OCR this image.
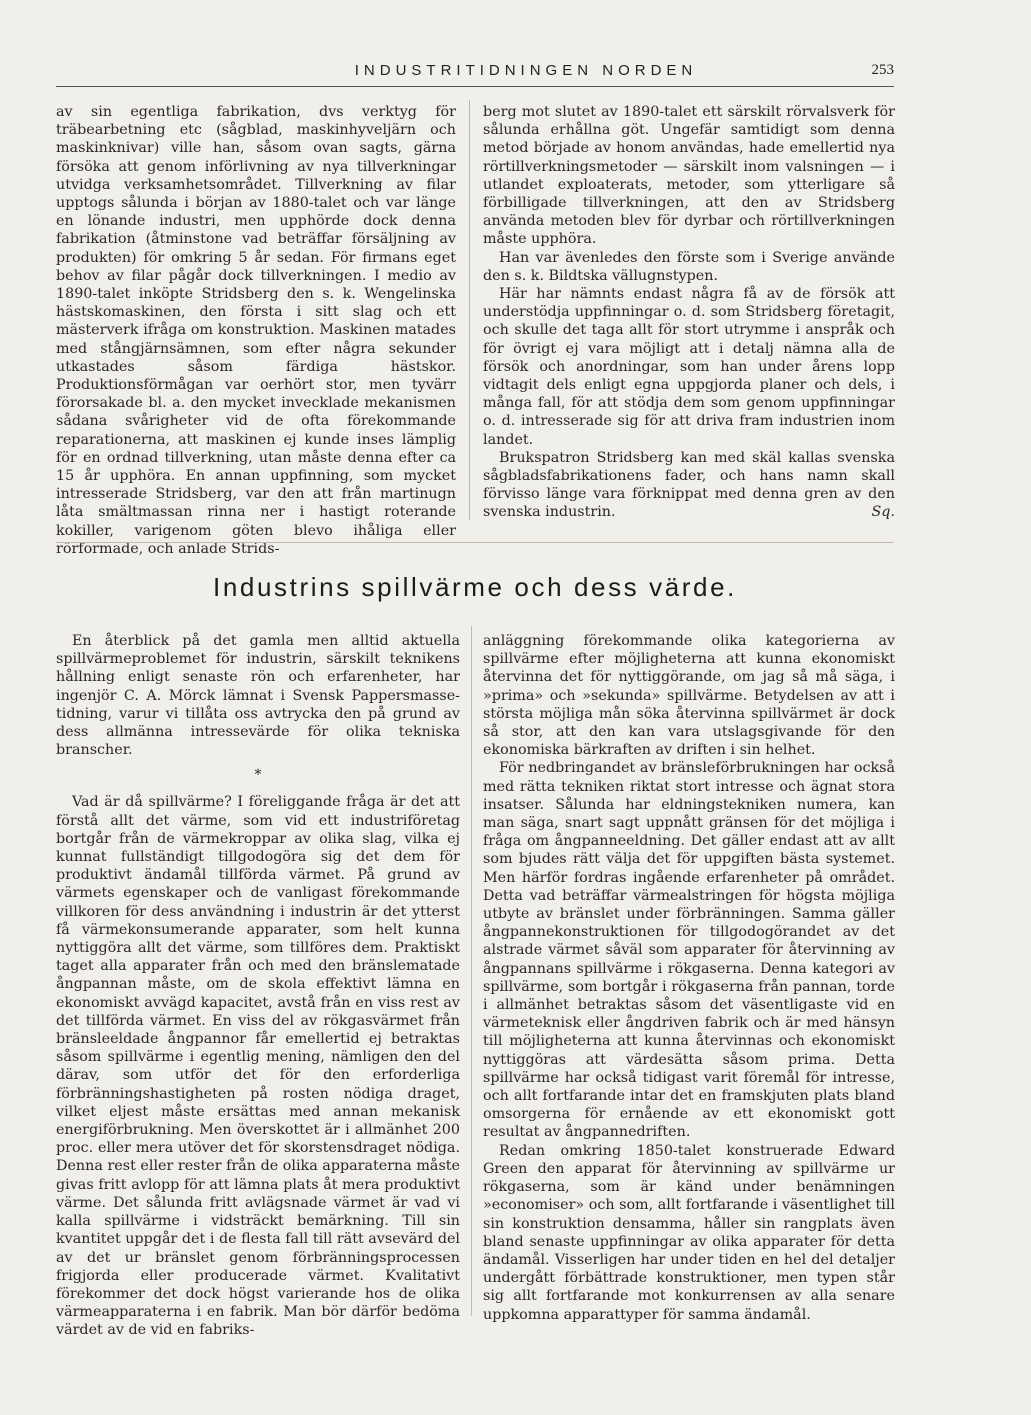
INDUSTRITIDNINGEN NORDEN	253

av sin egentliga fabrikation, dvs verktyg för träbearbetning etc (sågblad, maskinhyveljärn och maskinknivar) ville han, såsom ovan sagts, gärna försöka att genom införlivning av nya tillverkningar utvidga verksamhetsområdet. Tillverkning av filar upptogs sålunda i början av 1880-talet och var länge en lönande industri, men upphörde dock denna fabrikation (åtminstone vad beträffar försäljning av produkten) för omkring 5 år sedan. För firmans eget behov av filar pågår dock tillverkningen. I medio av 1890-talet inköpte Stridsberg den s. k. Wengelinska hästskomaskinen, den första i sitt slag och ett mästerverk ifråga om konstruktion. Maskinen matades med stångjärnsämnen, som efter några sekunder utkastades såsom färdiga hästskor. Produktionsförmågan var oerhört stor, men tyvärr förorsakade bl. a. den mycket invecklade mekanismen sådana svårigheter vid de ofta förekommande reparationerna, att maskinen ej kunde inses lämplig för en ordnad tillverkning, utan måste denna efter ca 15 år upphöra. En annan uppfinning, som mycket intresserade Stridsberg, var den att från martinugn låta smältmassan rinna ner i hastigt roterande kokiller, varigenom göten blevo ihåliga eller rörformade, och anlade Strids-

berg mot slutet av 1890-talet ett särskilt rörvalsverk för sålunda erhållna göt. Ungefär samtidigt som denna metod började av honom användas, hade emellertid nya rörtillverkningsmetoder — särskilt inom valsningen — i utlandet exploaterats, metoder, som ytterligare så förbilligade tillverkningen, att den av Stridsberg använda metoden blev för dyrbar och rörtillverkningen måste upphöra.

Han var ävenledes den förste som i Sverige använde den s. k. Bildtska vällugnstypen.

Här har nämnts endast några få av de försök att understödja uppfinningar o. d. som Stridsberg företagit, och skulle det taga allt för stort utrymme i anspråk och för övrigt ej vara möjligt att i detalj nämna alla de försök och anordningar, som han under årens lopp vidtagit dels enligt egna uppgjorda planer och dels, i många fall, för att stödja dem som genom uppfinningar o. d. intresserade sig för att driva fram industrien inom landet.

Brukspatron Stridsberg kan med skäl kallas svenska sågbladsfabrikationens fader, och hans namn skall förvisso länge vara förknippat med denna gren av den svenska industrin.	Sq.

Industrins spillvärme och dess värde.

En återblick på det gamla men alltid aktuella spillvärmeproblemet för industrin, särskilt teknikens hållning enligt senaste rön och erfarenheter, har ingenjör C. A. Mörck lämnat i Svensk Pappersmasse-tidning, varur vi tillåta oss avtrycka den på grund av dess allmänna intressevärde för olika tekniska branscher.

*

Vad är då spillvärme? I föreliggande fråga är det att förstå allt det värme, som vid ett industriföretag bortgår från de värmekroppar av olika slag, vilka ej kunnat fullständigt tillgodogöra sig det dem för produktivt ändamål tillförda värmet. På grund av värmets egenskaper och de vanligast förekommande villkoren för dess användning i industrin är det ytterst få värmekonsumerande apparater, som helt kunna nyttiggöra allt det värme, som tillföres dem. Praktiskt taget alla apparater från och med den bränslematade ångpannan måste, om de skola effektivt lämna en ekonomiskt avvägd kapacitet, avstå från en viss rest av det tillförda värmet. En viss del av rökgasvärmet från bränsleeldade ångpannor får emellertid ej betraktas såsom spillvärme i egentlig mening, nämligen den del därav, som utför det för den erforderliga förbränningshastigheten på rosten nödiga draget, vilket eljest måste ersättas med annan mekanisk energiförbrukning. Men överskottet är i allmänhet 200 proc. eller mera utöver det för skorstensdraget nödiga. Denna rest eller rester från de olika apparaterna måste givas fritt avlopp för att lämna plats åt mera produktivt värme. Det sålunda fritt avlägsnade värmet är vad vi kalla spillvärme i vidsträckt bemärkning. Till sin kvantitet uppgår det i de flesta fall till rätt avsevärd del av det ur bränslet genom förbränningsprocessen frigjorda eller producerade värmet. Kvalitativt förekommer det dock högst varierande hos de olika värmeapparaterna i en fabrik. Man bör därför bedöma värdet av de vid en fabriks-

anläggning förekommande olika kategorierna av spillvärme efter möjligheterna att kunna ekonomiskt återvinna det för nyttiggörande, om jag så må säga, i »prima» och »sekunda» spillvärme. Betydelsen av att i största möjliga mån söka återvinna spillvärmet är dock så stor, att den kan vara utslagsgivande för den ekonomiska bärkraften av driften i sin helhet.

För nedbringandet av bränsleförbrukningen har också med rätta tekniken riktat stort intresse och ägnat stora insatser. Sålunda har eldningstekniken numera, kan man säga, snart sagt uppnått gränsen för det möjliga i fråga om ångpanneeldning. Det gäller endast att av allt som bjudes rätt välja det för uppgiften bästa systemet. Men härför fordras ingående erfarenheter på området. Detta vad beträffar värmealstringen för högsta möjliga utbyte av bränslet under förbränningen. Samma gäller ångpannekonstruktionen för tillgodogörandet av det alstrade värmet såväl som apparater för återvinning av ångpannans spillvärme i rökgaserna. Denna kategori av spillvärme, som bortgår i rökgaserna från pannan, torde i allmänhet betraktas såsom det väsentligaste vid en värmeteknisk eller ångdriven fabrik och är med hänsyn till möjligheterna att kunna återvinnas och ekonomiskt nyttiggöras att värdesätta såsom prima. Detta spillvärme har också tidigast varit föremål för intresse, och allt fortfarande intar det en framskjuten plats bland omsorgerna för ernående av ett ekonomiskt gott resultat av ångpannedriften.

Redan omkring 1850-talet konstruerade Edward Green den apparat för återvinning av spillvärme ur rökgaserna, som är känd under benämningen »economiser» och som, allt fortfarande i väsentlighet till sin konstruktion densamma, håller sin rangplats även bland senaste uppfinningar av olika apparater för detta ändamål. Visserligen har under tiden en hel del detaljer undergått förbättrade konstruktioner, men typen står sig allt fortfarande mot konkurrensen av alla senare uppkomna apparattyper för samma ändamål.
